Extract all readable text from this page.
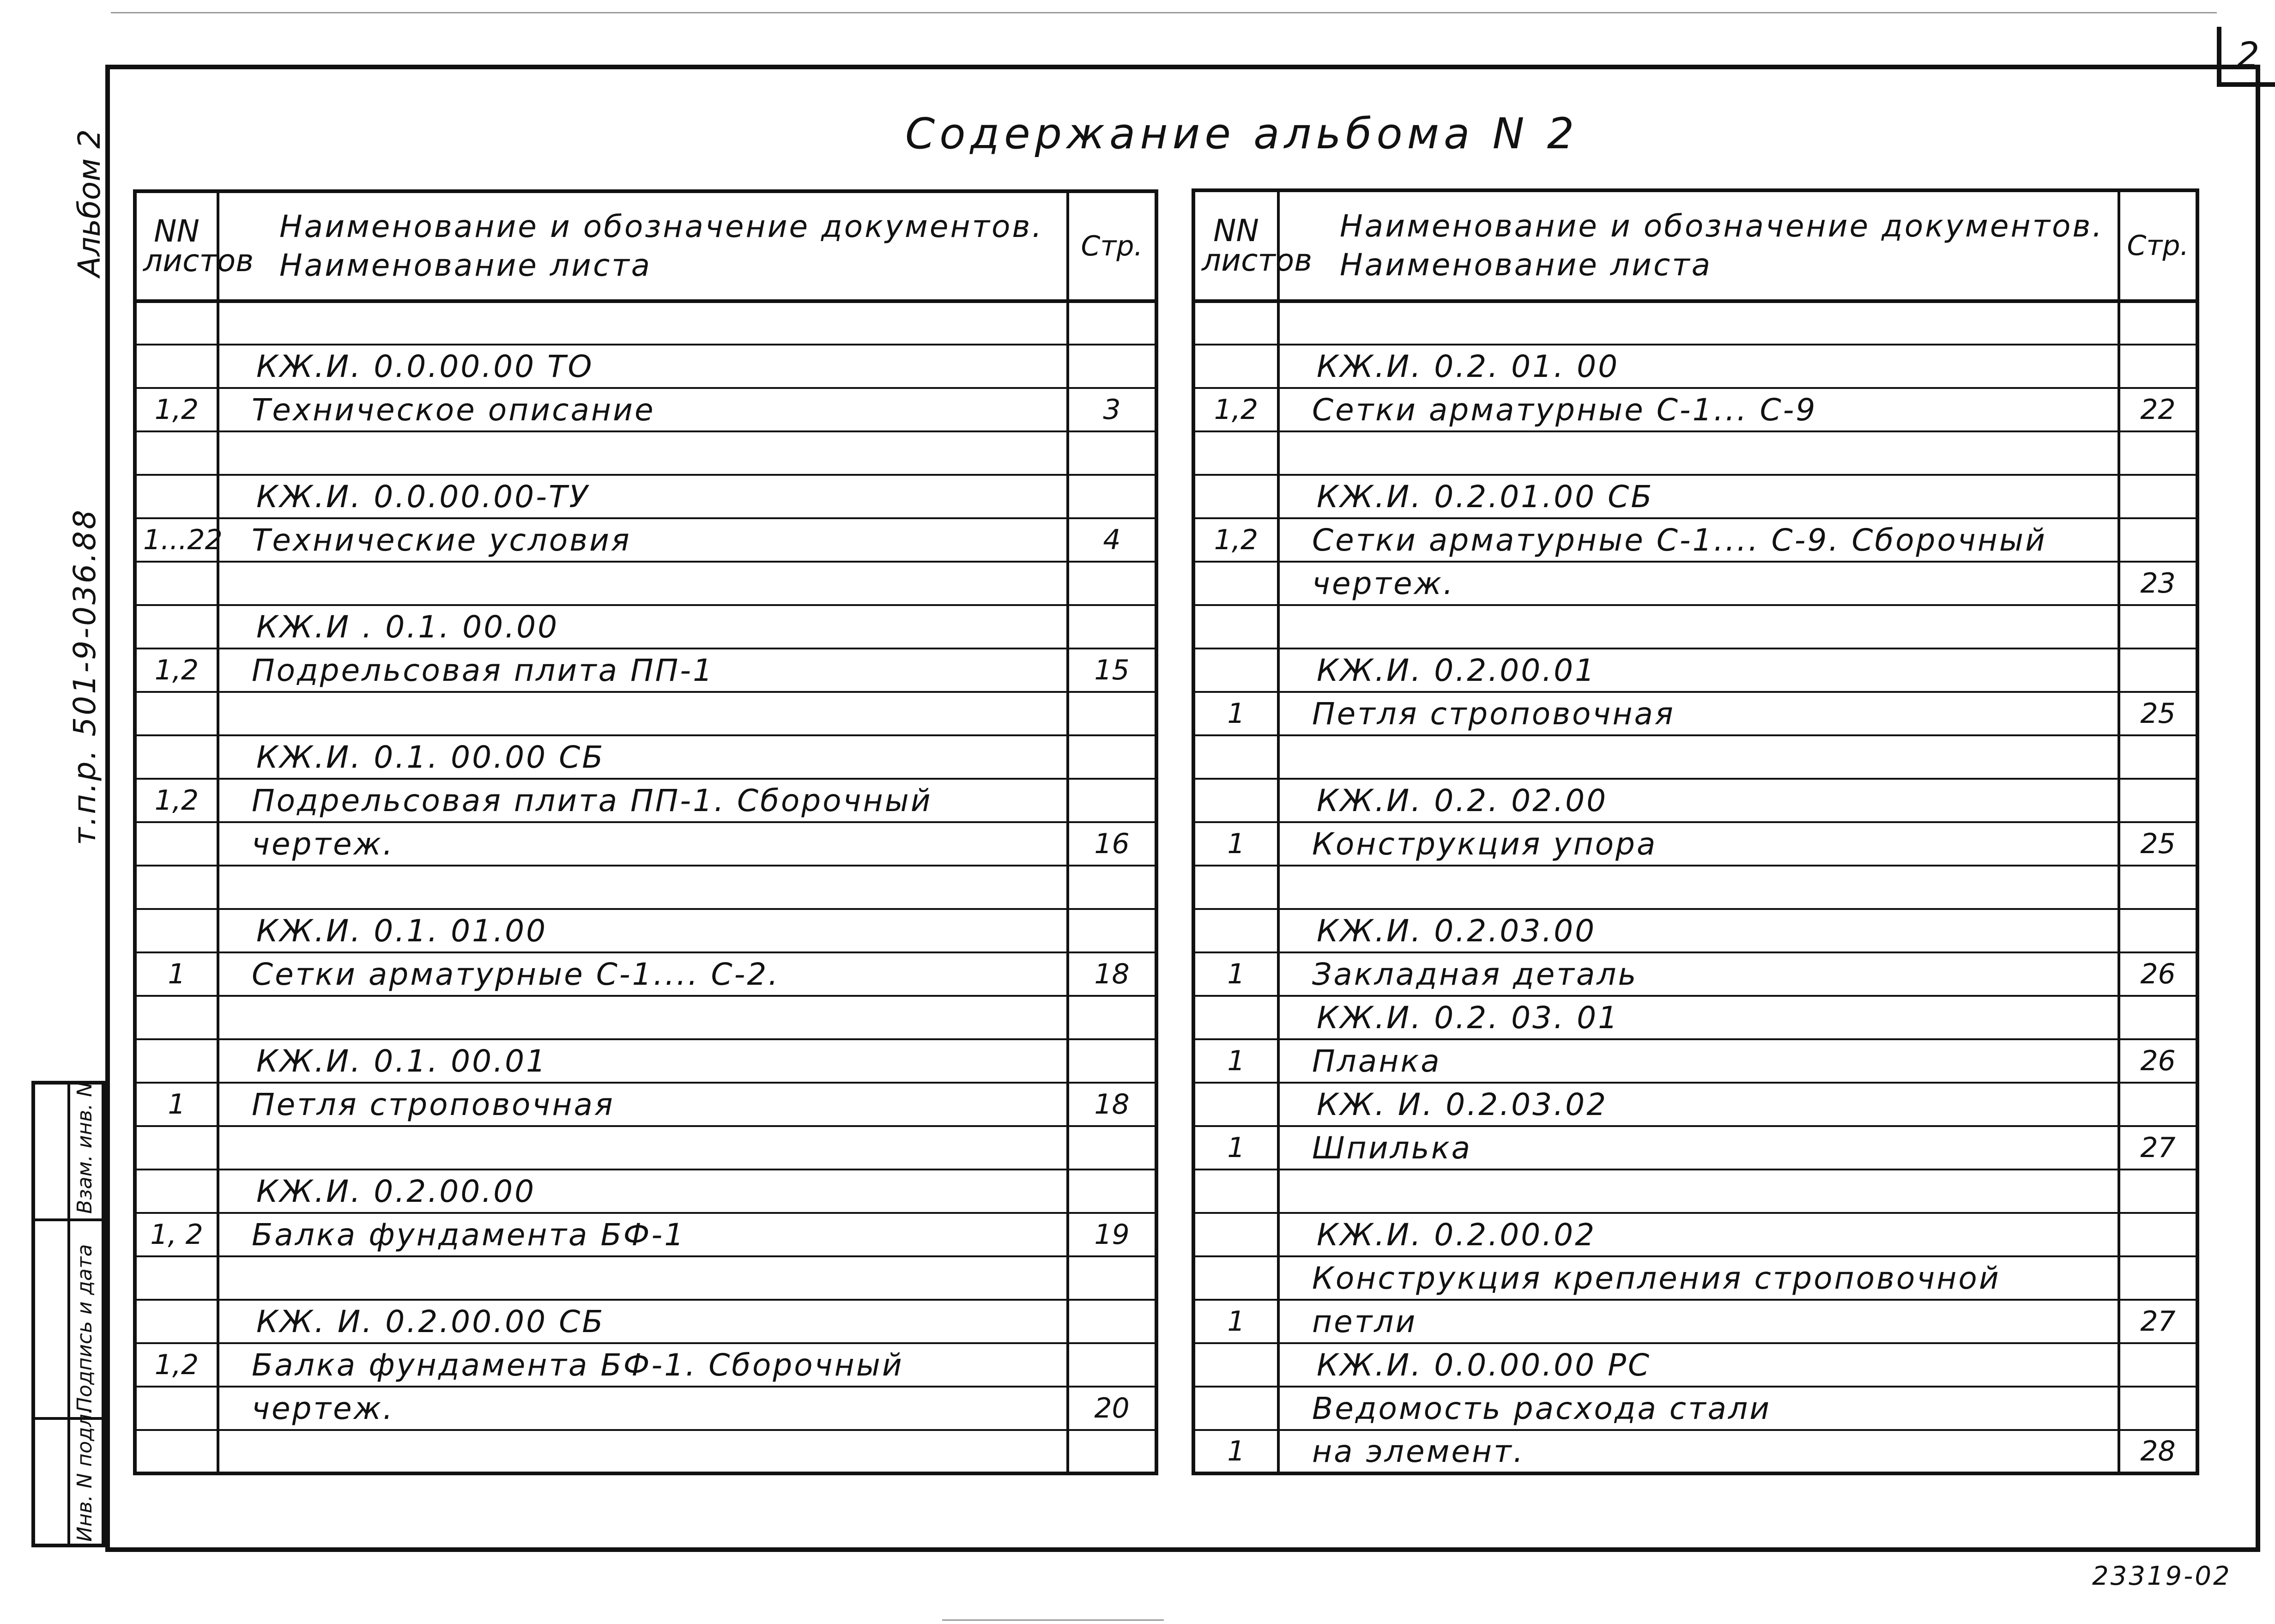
2
Содержание альбома N 2
Альбом 2
т.п.р. 501-9-036.88
Взам. инв. N
Подпись и дата
Инв. N подл.
NN листов	Наименование и обозначение документов. Наименование листа	Стр.

	КЖ.И. 0.0.00.00 ТО	
1,2	Техническое описание	3

	КЖ.И. 0.0.00.00-ТУ	
1...22	Технические условия	4

	КЖ.И . 0.1. 00.00	
1,2	Подрельсовая плита ПП-1	15

	КЖ.И. 0.1. 00.00 СБ	
1,2	Подрельсовая плита ПП-1. Сборочный	
	чертеж.	16

	КЖ.И. 0.1. 01.00	
1	Сетки арматурные С-1.... С-2.	18

	КЖ.И. 0.1. 00.01	
1	Петля строповочная	18

	КЖ.И. 0.2.00.00	
1, 2	Балка фундамента БФ-1	19

	КЖ. И. 0.2.00.00 СБ	
1,2	Балка фундамента БФ-1. Сборочный	
	чертеж.	20

NN листов	Наименование и обозначение документов. Наименование листа	Стр.

	КЖ.И. 0.2. 01. 00	
1,2	Сетки арматурные С-1... С-9	22

	КЖ.И. 0.2.01.00 СБ	
1,2	Сетки арматурные С-1.... С-9. Сборочный	
	чертеж.	23

	КЖ.И. 0.2.00.01	
1	Петля строповочная	25

	КЖ.И. 0.2. 02.00	
1	Конструкция упора	25

	КЖ.И. 0.2.03.00	
1	Закладная деталь	26
	КЖ.И. 0.2. 03. 01	
1	Планка	26
	КЖ. И. 0.2.03.02	
1	Шпилька	27

	КЖ.И. 0.2.00.02	
	Конструкция крепления строповочной	
1	петли	27
	КЖ.И. 0.0.00.00 РС	
	Ведомость расхода стали	
1	на элемент.	28
23319-02
